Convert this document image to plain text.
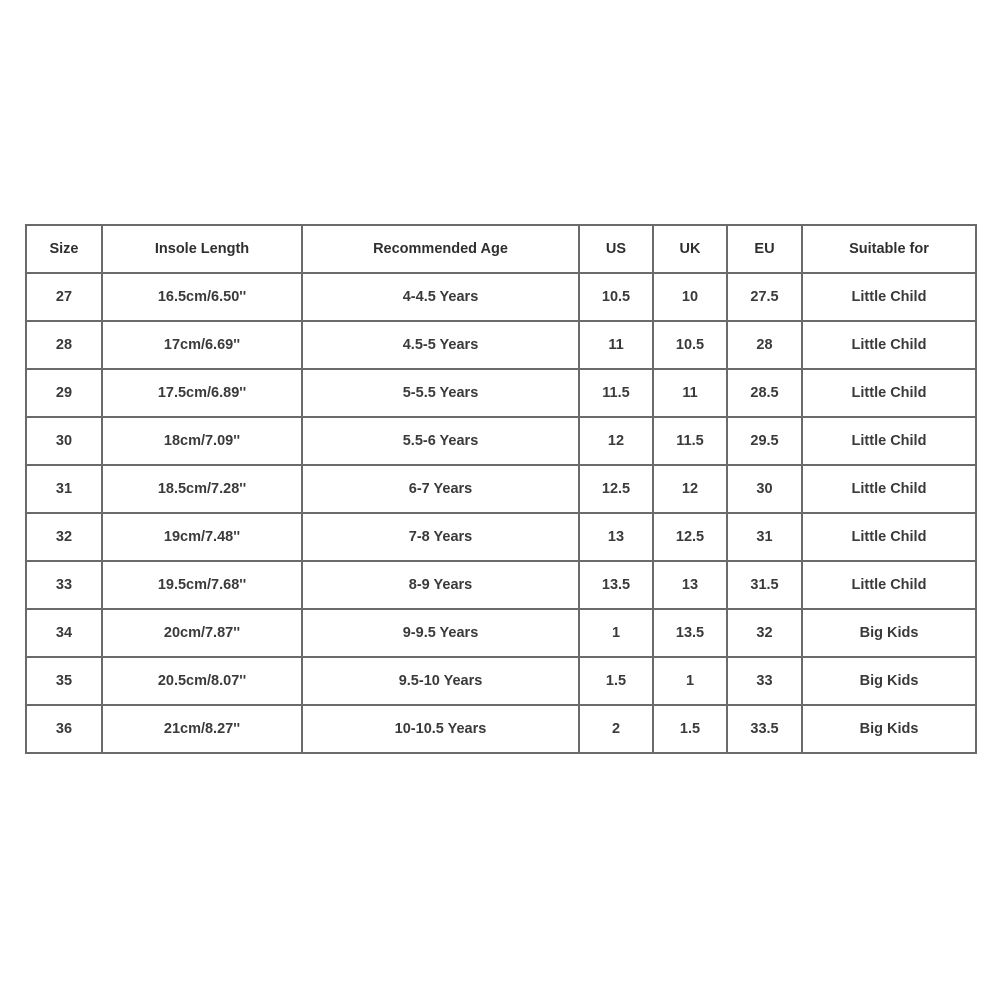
Size	Insole Length	Recommended Age	US	UK	EU	Suitable for
27	16.5cm/6.50''	4-4.5 Years	10.5	10	27.5	Little Child
28	17cm/6.69''	4.5-5 Years	11	10.5	28	Little Child
29	17.5cm/6.89''	5-5.5 Years	11.5	11	28.5	Little Child
30	18cm/7.09''	5.5-6 Years	12	11.5	29.5	Little Child
31	18.5cm/7.28''	6-7 Years	12.5	12	30	Little Child
32	19cm/7.48''	7-8 Years	13	12.5	31	Little Child
33	19.5cm/7.68''	8-9 Years	13.5	13	31.5	Little Child
34	20cm/7.87''	9-9.5 Years	1	13.5	32	Big Kids
35	20.5cm/8.07''	9.5-10 Years	1.5	1	33	Big Kids
36	21cm/8.27''	10-10.5 Years	2	1.5	33.5	Big Kids
